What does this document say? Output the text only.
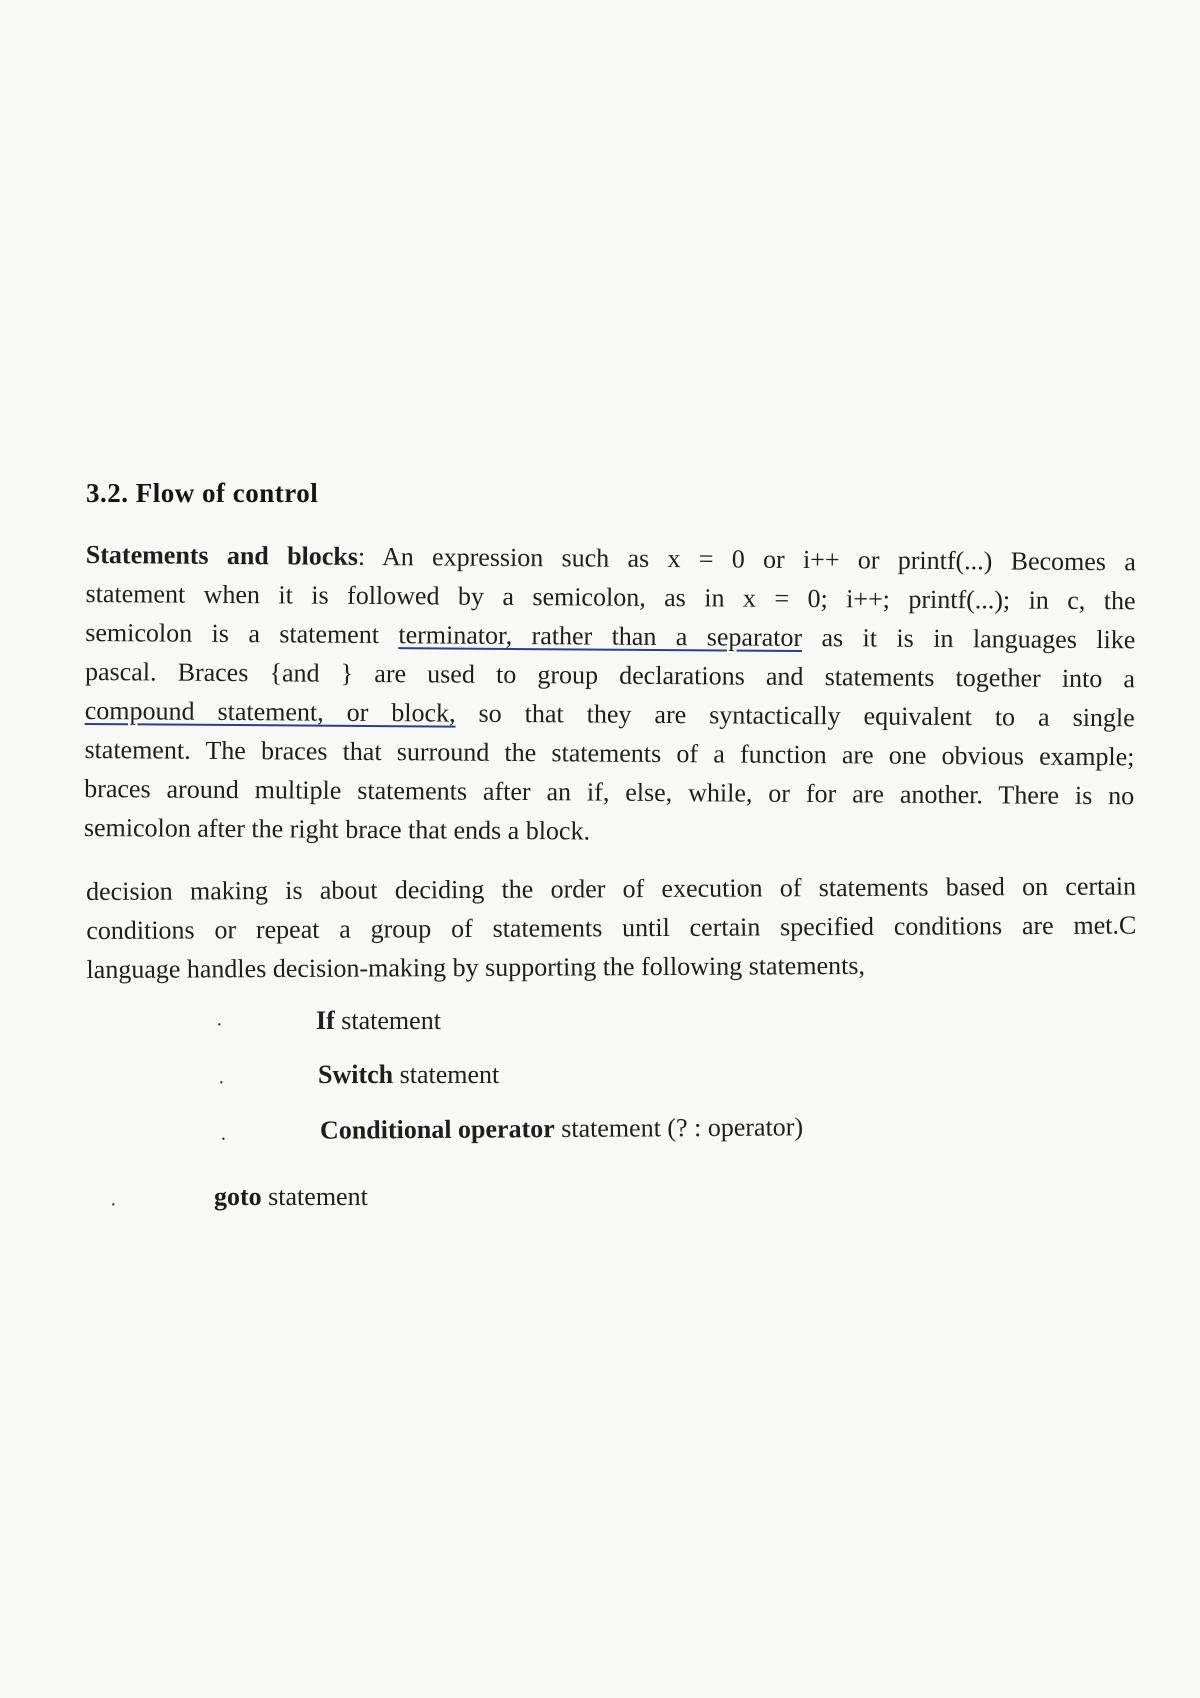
3.2. Flow of control
Statements and blocks: An expression such as x = 0 or i++ or printf(...) Becomes a
statement when it is followed by a semicolon, as in x = 0; i++; printf(...); in c, the
semicolon is a statement terminator, rather than a separator as it is in languages like
pascal. Braces {and } are used to group declarations and statements together into a
compound statement, or block, so that they are syntactically equivalent to a single
statement. The braces that surround the statements of a function are one obvious example;
braces around multiple statements after an if, else, while, or for are another. There is no
semicolon after the right brace that ends a block.
decision making is about deciding the order of execution of statements based on certain
conditions or repeat a group of statements until certain specified conditions are met.C
language handles decision-making by supporting the following statements,
·	If statement
·	Switch statement
·	Conditional operator statement (? : operator)
·	goto statement
